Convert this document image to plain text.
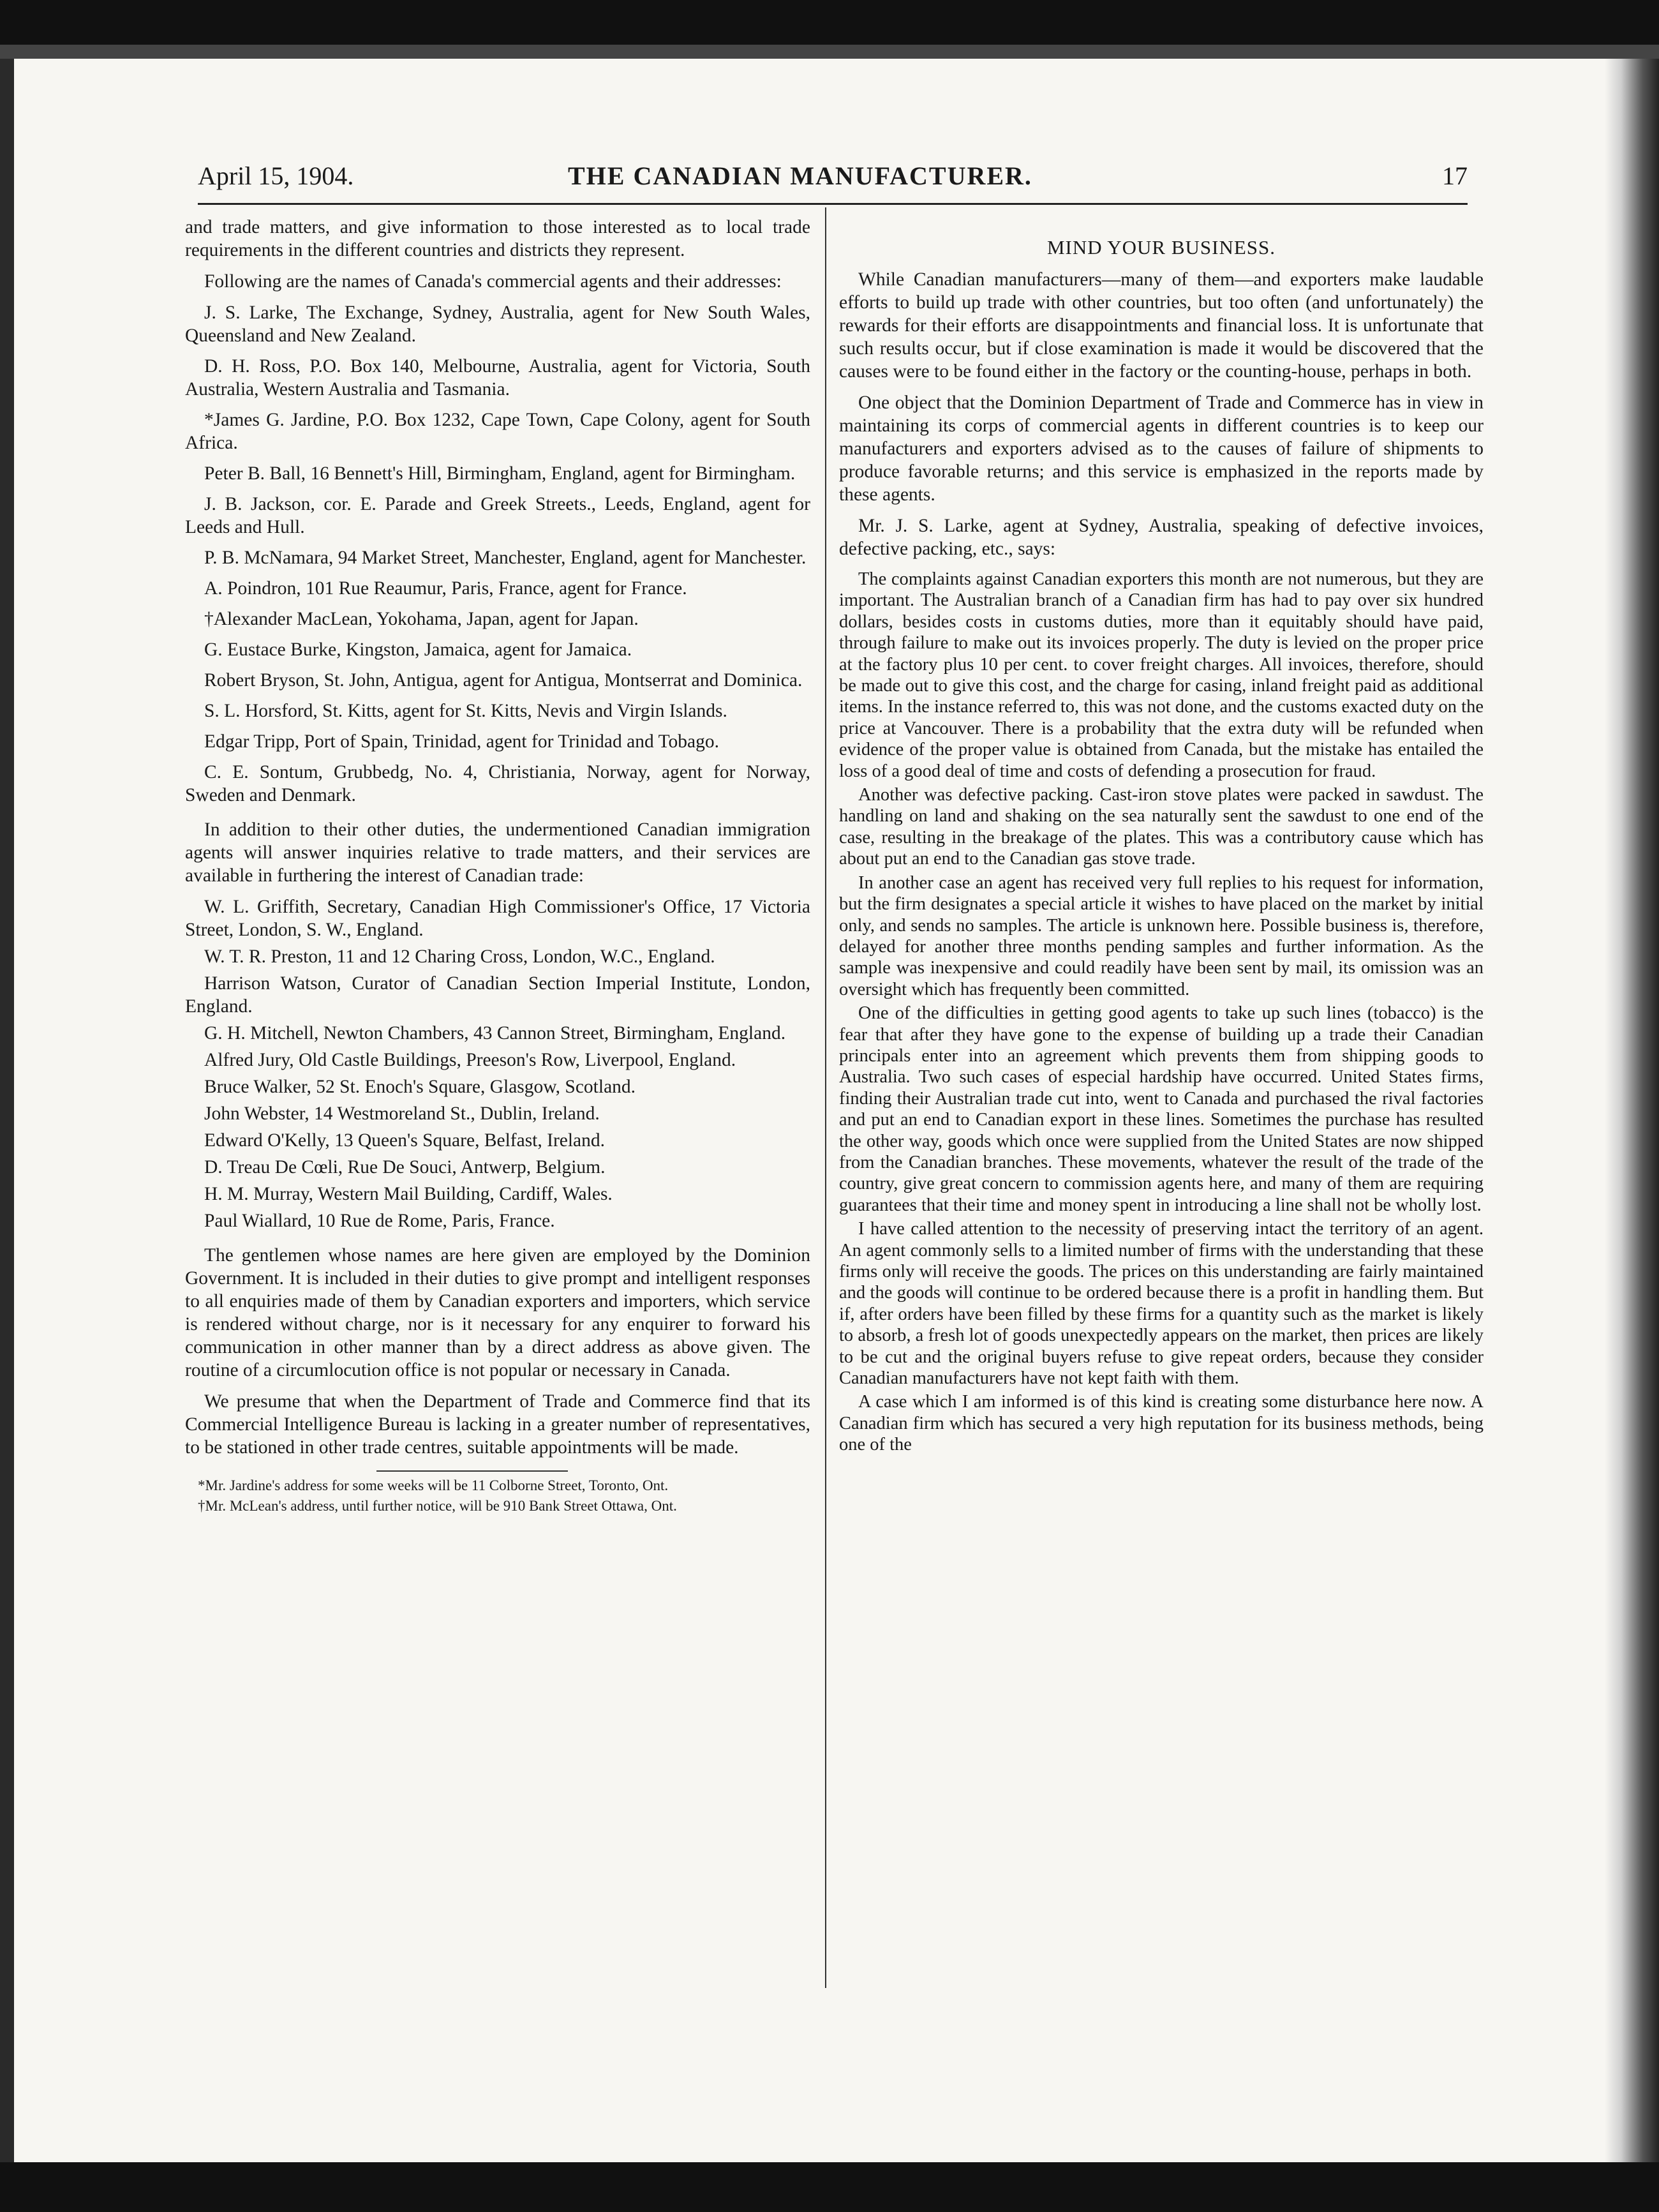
April 15, 1904.	THE CANADIAN MANUFACTURER.	17

and trade matters, and give information to those interested as to local trade requirements in the different countries and districts they represent.

Following are the names of Canada's commercial agents and their addresses:

J. S. Larke, The Exchange, Sydney, Australia, agent for New South Wales, Queensland and New Zealand.

D. H. Ross, P.O. Box 140, Melbourne, Australia, agent for Victoria, South Australia, Western Australia and Tasmania.

*James G. Jardine, P.O. Box 1232, Cape Town, Cape Colony, agent for South Africa.

Peter B. Ball, 16 Bennett's Hill, Birmingham, England, agent for Birmingham.

J. B. Jackson, cor. E. Parade and Greek Streets., Leeds, England, agent for Leeds and Hull.

P. B. McNamara, 94 Market Street, Manchester, England, agent for Manchester.

A. Poindron, 101 Rue Reaumur, Paris, France, agent for France.

†Alexander MacLean, Yokohama, Japan, agent for Japan.

G. Eustace Burke, Kingston, Jamaica, agent for Jamaica.

Robert Bryson, St. John, Antigua, agent for Antigua, Montserrat and Dominica.

S. L. Horsford, St. Kitts, agent for St. Kitts, Nevis and Virgin Islands.

Edgar Tripp, Port of Spain, Trinidad, agent for Trinidad and Tobago.

C. E. Sontum, Grubbedg, No. 4, Christiania, Norway, agent for Norway, Sweden and Denmark.

In addition to their other duties, the undermentioned Canadian immigration agents will answer inquiries relative to trade matters, and their services are available in furthering the interest of Canadian trade:

W. L. Griffith, Secretary, Canadian High Commissioner's Office, 17 Victoria Street, London, S. W., England.

W. T. R. Preston, 11 and 12 Charing Cross, London, W.C., England.

Harrison Watson, Curator of Canadian Section Imperial Institute, London, England.

G. H. Mitchell, Newton Chambers, 43 Cannon Street, Birmingham, England.

Alfred Jury, Old Castle Buildings, Preeson's Row, Liverpool, England.

Bruce Walker, 52 St. Enoch's Square, Glasgow, Scotland.

John Webster, 14 Westmoreland St., Dublin, Ireland.

Edward O'Kelly, 13 Queen's Square, Belfast, Ireland.

D. Treau De Cœli, Rue De Souci, Antwerp, Belgium.

H. M. Murray, Western Mail Building, Cardiff, Wales.

Paul Wiallard, 10 Rue de Rome, Paris, France.

The gentlemen whose names are here given are employed by the Dominion Government. It is included in their duties to give prompt and intelligent responses to all enquiries made of them by Canadian exporters and importers, which service is rendered without charge, nor is it necessary for any enquirer to forward his communication in other manner than by a direct address as above given. The routine of a circumlocution office is not popular or necessary in Canada.

We presume that when the Department of Trade and Commerce find that its Commercial Intelligence Bureau is lacking in a greater number of representatives, to be stationed in other trade centres, suitable appointments will be made.

*Mr. Jardine's address for some weeks will be 11 Colborne Street, Toronto, Ont.

†Mr. McLean's address, until further notice, will be 910 Bank Street Ottawa, Ont.

MIND YOUR BUSINESS.

While Canadian manufacturers—many of them—and exporters make laudable efforts to build up trade with other countries, but too often (and unfortunately) the rewards for their efforts are disappointments and financial loss. It is unfortunate that such results occur, but if close examination is made it would be discovered that the causes were to be found either in the factory or the counting-house, perhaps in both.

One object that the Dominion Department of Trade and Commerce has in view in maintaining its corps of commercial agents in different countries is to keep our manufacturers and exporters advised as to the causes of failure of shipments to produce favorable returns; and this service is emphasized in the reports made by these agents.

Mr. J. S. Larke, agent at Sydney, Australia, speaking of defective invoices, defective packing, etc., says:

The complaints against Canadian exporters this month are not numerous, but they are important. The Australian branch of a Canadian firm has had to pay over six hundred dollars, besides costs in customs duties, more than it equitably should have paid, through failure to make out its invoices properly. The duty is levied on the proper price at the factory plus 10 per cent. to cover freight charges. All invoices, therefore, should be made out to give this cost, and the charge for casing, inland freight paid as additional items. In the instance referred to, this was not done, and the customs exacted duty on the price at Vancouver. There is a probability that the extra duty will be refunded when evidence of the proper value is obtained from Canada, but the mistake has entailed the loss of a good deal of time and costs of defending a prosecution for fraud.

Another was defective packing. Cast-iron stove plates were packed in sawdust. The handling on land and shaking on the sea naturally sent the sawdust to one end of the case, resulting in the breakage of the plates. This was a contributory cause which has about put an end to the Canadian gas stove trade.

In another case an agent has received very full replies to his request for information, but the firm designates a special article it wishes to have placed on the market by initial only, and sends no samples. The article is unknown here. Possible business is, therefore, delayed for another three months pending samples and further information. As the sample was inexpensive and could readily have been sent by mail, its omission was an oversight which has frequently been committed.

One of the difficulties in getting good agents to take up such lines (tobacco) is the fear that after they have gone to the expense of building up a trade their Canadian principals enter into an agreement which prevents them from shipping goods to Australia. Two such cases of especial hardship have occurred. United States firms, finding their Australian trade cut into, went to Canada and purchased the rival factories and put an end to Canadian export in these lines. Sometimes the purchase has resulted the other way, goods which once were supplied from the United States are now shipped from the Canadian branches. These movements, whatever the result of the trade of the country, give great concern to commission agents here, and many of them are requiring guarantees that their time and money spent in introducing a line shall not be wholly lost.

I have called attention to the necessity of preserving intact the territory of an agent. An agent commonly sells to a limited number of firms with the understanding that these firms only will receive the goods. The prices on this understanding are fairly maintained and the goods will continue to be ordered because there is a profit in handling them. But if, after orders have been filled by these firms for a quantity such as the market is likely to absorb, a fresh lot of goods unexpectedly appears on the market, then prices are likely to be cut and the original buyers refuse to give repeat orders, because they consider Canadian manufacturers have not kept faith with them.

A case which I am informed is of this kind is creating some disturbance here now. A Canadian firm which has secured a very high reputation for its business methods, being one of the
